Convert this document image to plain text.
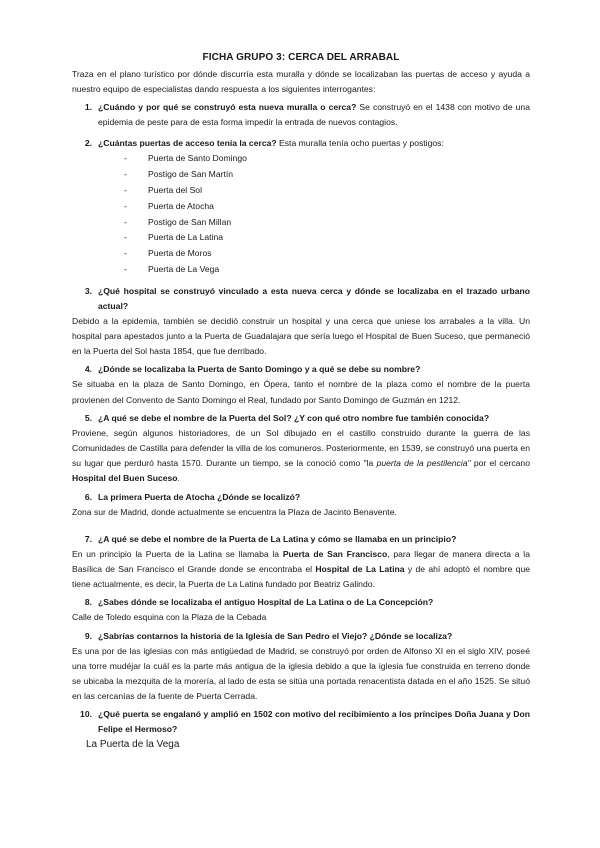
FICHA GRUPO 3: CERCA DEL ARRABAL

Traza en el plano turístico por dónde discurría esta muralla y dónde se localizaban las puertas de acceso y ayuda a nuestro equipo de especialistas dando respuesta a los siguientes interrogantes:

1. ¿Cuándo y por qué se construyó esta nueva muralla o cerca? Se construyó en el 1438 con motivo de una epidemia de peste para de esta forma impedir la entrada de nuevos contagios.
2. ¿Cuántas puertas de acceso tenía la cerca? Esta muralla tenía ocho puertas y postigos:
- Puerta de Santo Domingo
- Postigo de San Martín
- Puerta del Sol
- Puerta de Atocha
- Postigo de San Millan
- Puerta de La Latina
- Puerta de Moros
- Puerta de La Vega
3. ¿Qué hospital se construyó vinculado a esta nueva cerca y dónde se localizaba en el trazado urbano actual?

Debido a la epidemia, también se decidió construir un hospital y una cerca que uniese los arrabales a la villa. Un hospital para apestados junto a la Puerta de Guadalajara que sería luego el Hospital de Buen Suceso, que permaneció en la Puerta del Sol hasta 1854, que fue derribado.

4. ¿Dónde se localizaba la Puerta de Santo Domingo y a qué se debe su nombre?

Se situaba en la plaza de Santo Domingo, en Ópera, tanto el nombre de la plaza como el nombre de la puerta provienen del Convento de Santo Domingo el Real, fundado por Santo Domingo de Guzmán en 1212.

5. ¿A qué se debe el nombre de la Puerta del Sol? ¿Y con qué otro nombre fue también conocida?

Proviene, según algunos historiadores, de un Sol dibujado en el castillo construido durante la guerra de las Comunidades de Castilla para defender la villa de los comuneros. Posteriormente, en 1539, se construyó una puerta en su lugar que perduró hasta 1570. Durante un tiempo, se la conoció como "la puerta de la pestilencia" por el cercano Hospital del Buen Suceso.

6. La primera Puerta de Atocha ¿Dónde se localizó?

Zona sur de Madrid, donde actualmente se encuentra la Plaza de Jacinto Benavente.

7. ¿A qué se debe el nombre de la Puerta de La Latina y cómo se llamaba en un principio?

En un principio la Puerta de la Latina se llamaba la Puerta de San Francisco, para llegar de manera directa a la Basílica de San Francisco el Grande donde se encontraba el Hospital de La Latina y de ahí adoptó el nombre que tiene actualmente, es decir, la Puerta de La Latina fundado por Beatriz Galindo.

8. ¿Sabes dónde se localizaba el antiguo Hospital de La Latina o de La Concepción?

Calle de Toledo esquina con la Plaza de la Cebada

9. ¿Sabrías contarnos la historia de la Iglesia de San Pedro el Viejo? ¿Dónde se localiza?

Es una por de las iglesias con más antigüedad de Madrid, se construyó por orden de Alfonso XI en el siglo XIV, poseé una torre mudéjar la cuál es la parte más antigua de la iglesia debido a que la iglesia fue construida en terreno donde se ubicaba la mezquita de la morería, al lado de esta se sitúa una portada renacentista datada en el año 1525. Se situó en las cercanías de la fuente de Puerta Cerrada.

10. ¿Qué puerta se engalanó y amplió en 1502 con motivo del recibimiento a los príncipes Doña Juana y Don Felipe el Hermoso?

La Puerta de la Vega
